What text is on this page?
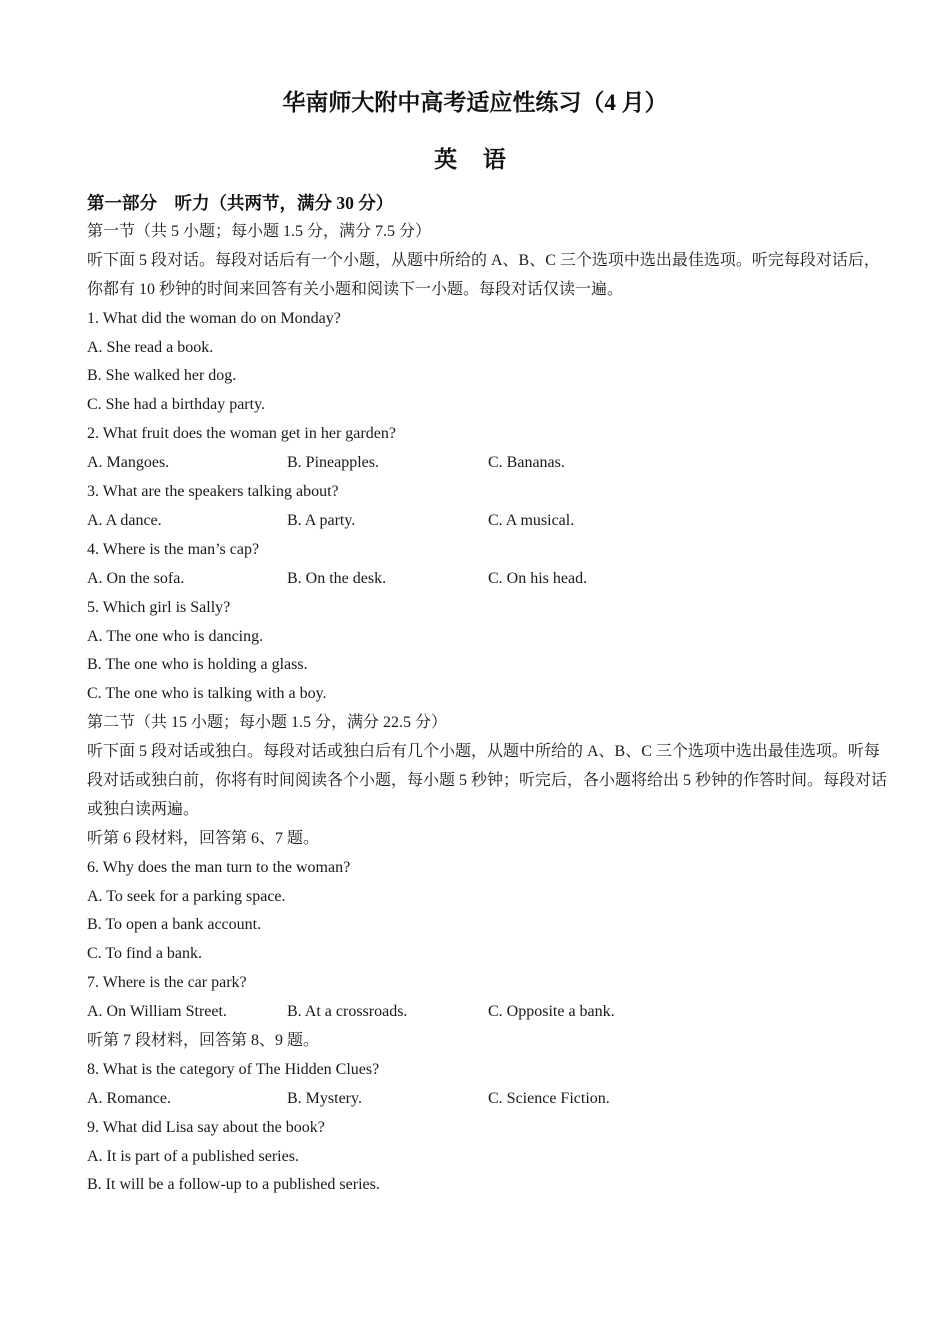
华南师大附中高考适应性练习（4 月）
英 语
第一部分　听力（共两节，满分 30 分）
第一节（共 5 小题；每小题 1.5 分，满分 7.5 分）
听下面 5 段对话。每段对话后有一个小题，从题中所给的 A、B、C 三个选项中选出最佳选项。听完每段对话后，你都有 10 秒钟的时间来回答有关小题和阅读下一小题。每段对话仅读一遍。
1. What did the woman do on Monday?
A. She read a book.
B. She walked her dog.
C. She had a birthday party.
2. What fruit does the woman get in her garden?
A. Mangoes.	B. Pineapples.	C. Bananas.
3. What are the speakers talking about?
A. A dance.	B. A party.	C. A musical.
4. Where is the man’s cap?
A. On the sofa.	B. On the desk.	C. On his head.
5. Which girl is Sally?
A. The one who is dancing.
B. The one who is holding a glass.
C. The one who is talking with a boy.
第二节（共 15 小题；每小题 1.5 分，满分 22.5 分）
听下面 5 段对话或独白。每段对话或独白后有几个小题，从题中所给的 A、B、C 三个选项中选出最佳选项。听每段对话或独白前，你将有时间阅读各个小题，每小题 5 秒钟；听完后，各小题将给出 5 秒钟的作答时间。每段对话或独白读两遍。
听第 6 段材料，回答第 6、7 题。
6. Why does the man turn to the woman?
A. To seek for a parking space.
B. To open a bank account.
C. To find a bank.
7. Where is the car park?
A. On William Street.	B. At a crossroads.	C. Opposite a bank.
听第 7 段材料，回答第 8、9 题。
8. What is the category of The Hidden Clues?
A. Romance.	B. Mystery.	C. Science Fiction.
9. What did Lisa say about the book?
A. It is part of a published series.
B. It will be a follow-up to a published series.
